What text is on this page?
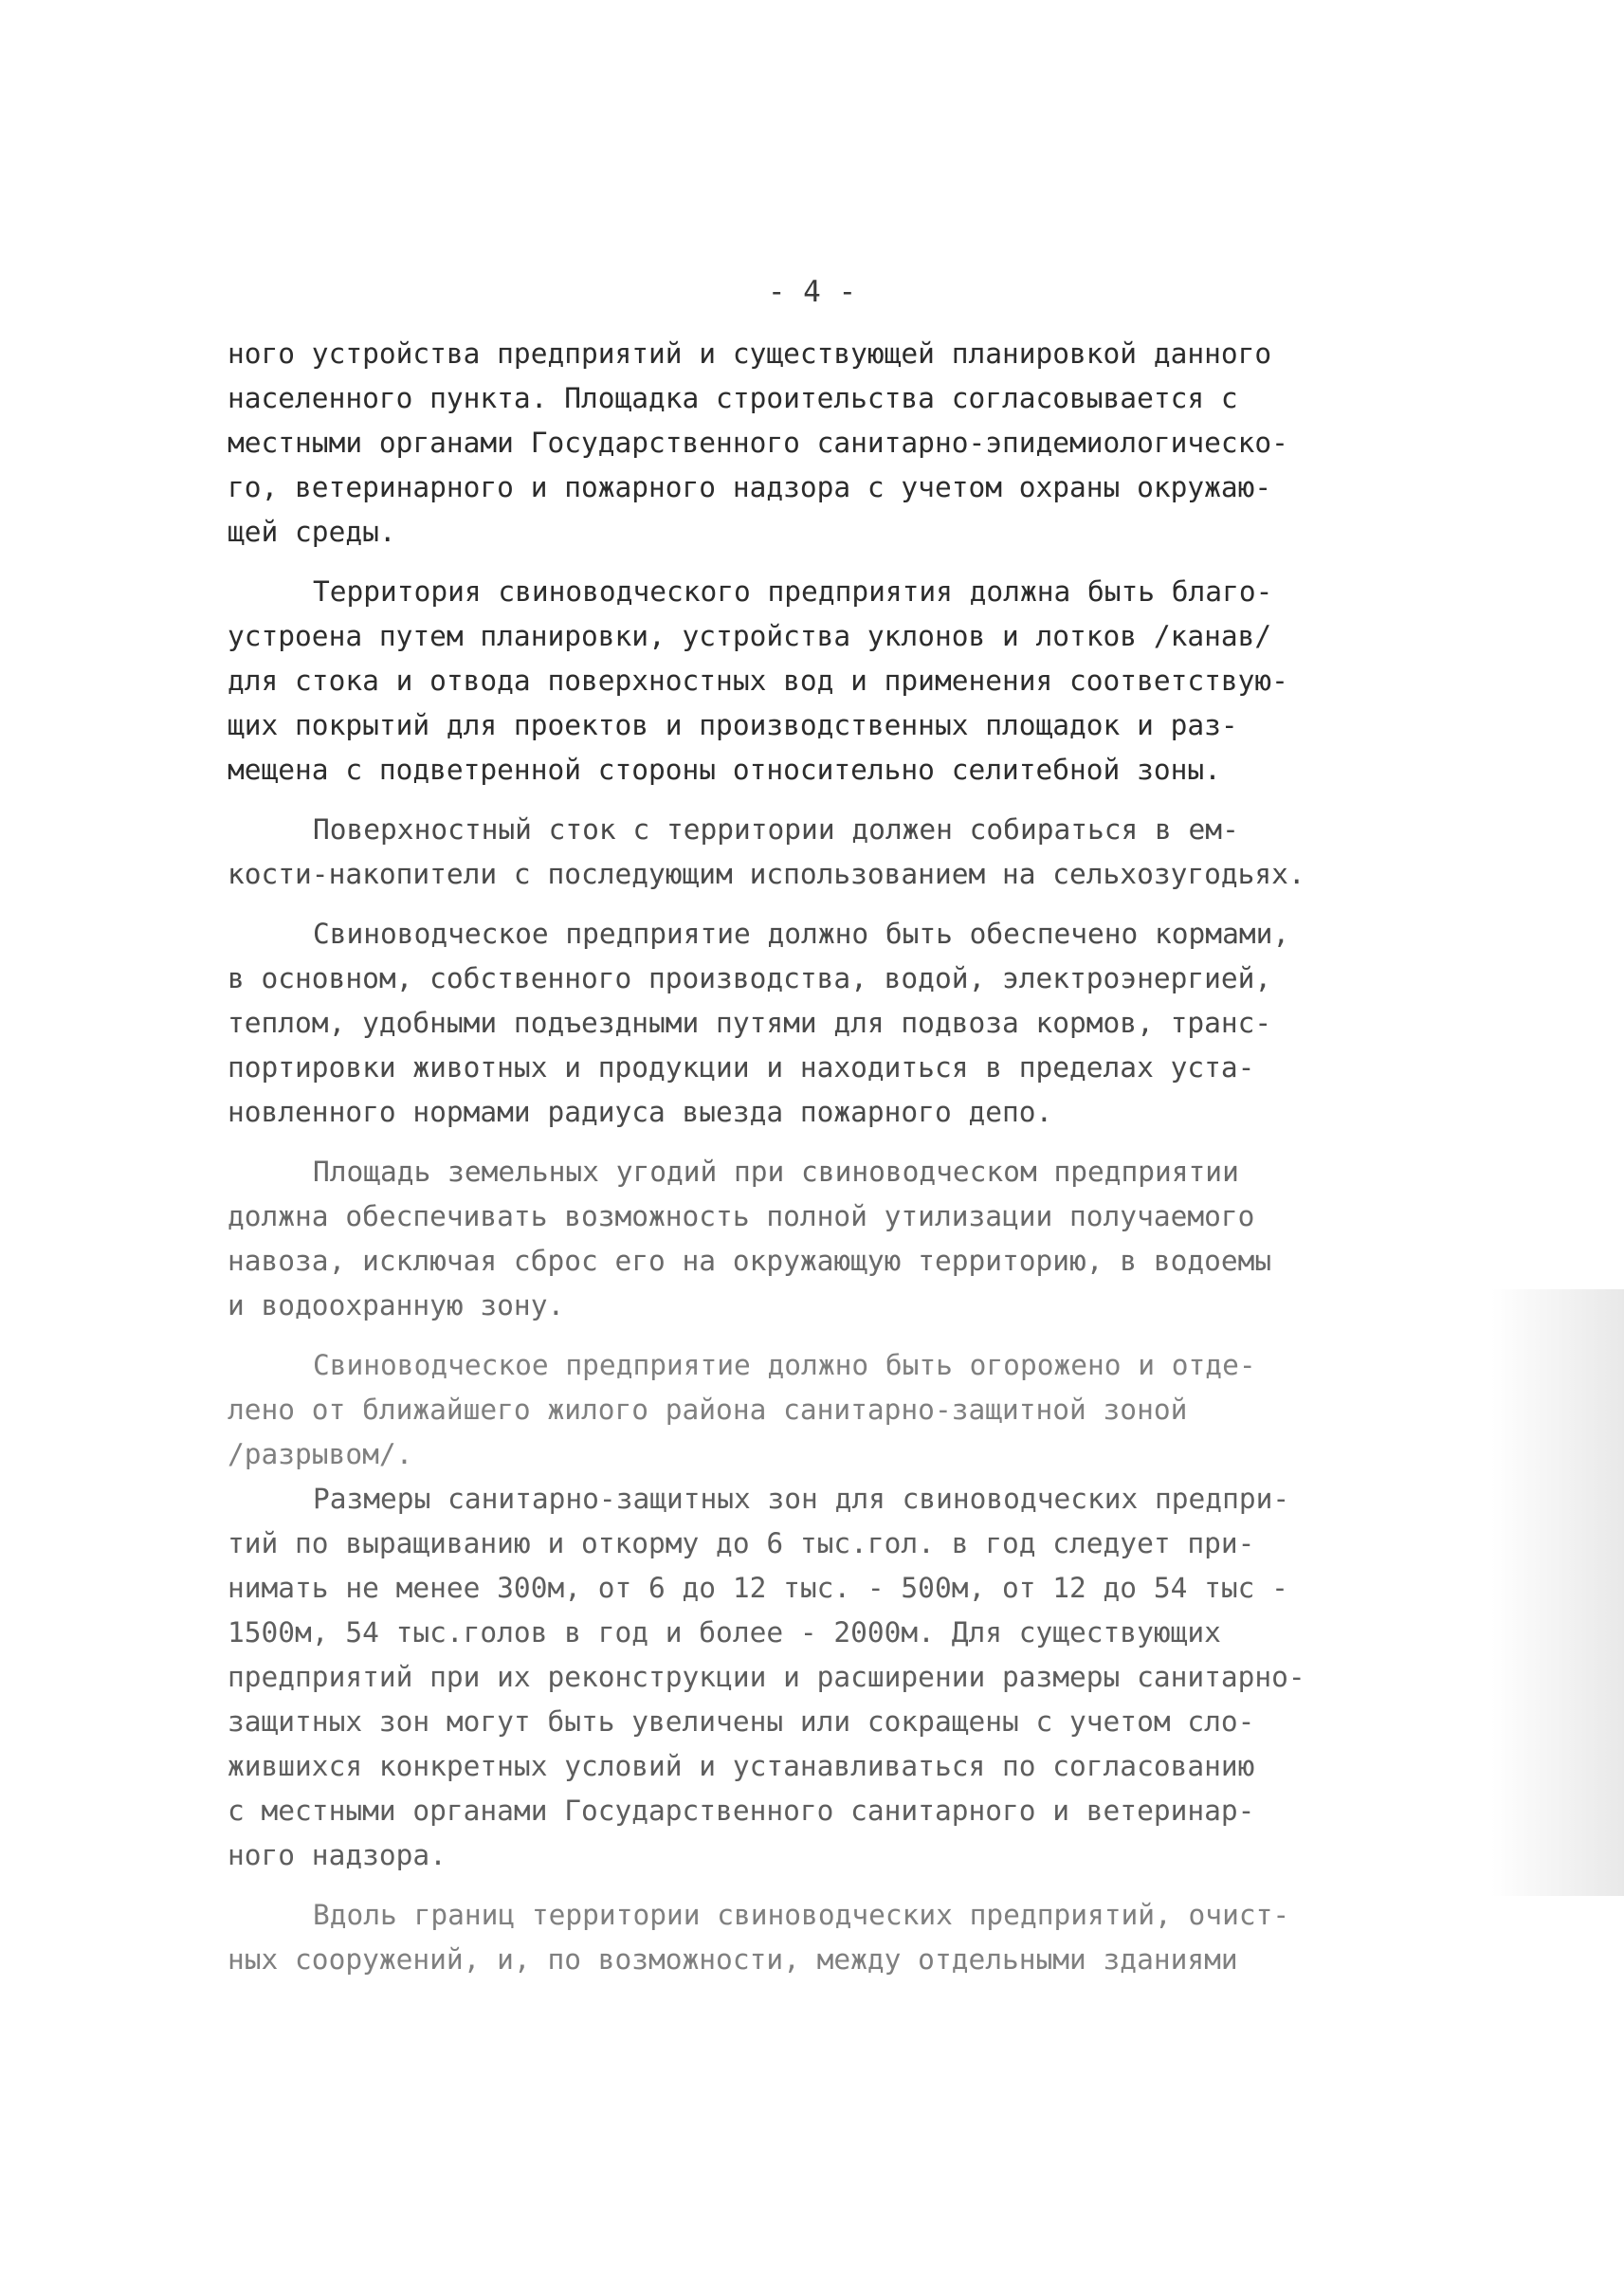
- 4 -
ного устройства предприятий и существующей планировкой данного
населенного пункта. Площадка строительства согласовывается с
местными органами Государственного санитарно-эпидемиологическо-
го, ветеринарного и пожарного надзора с учетом охраны окружаю-
щей среды.
Территория свиноводческого предприятия должна быть благо-
устроена путем планировки, устройства уклонов и лотков /канав/
для стока и отвода поверхностных вод и применения соответствую-
щих покрытий для проектов и производственных площадок и раз-
мещена с подветренной стороны относительно селитебной зоны.
Поверхностный сток с территории должен собираться в ем-
кости-накопители с последующим использованием на сельхозугодьях.
Свиноводческое предприятие должно быть обеспечено кормами,
в основном, собственного производства, водой, электроэнергией,
теплом, удобными подъездными путями для подвоза кормов, транс-
портировки животных и продукции и находиться в пределах уста-
новленного нормами радиуса выезда пожарного депо.
Площадь земельных угодий при свиноводческом предприятии
должна обеспечивать возможность полной утилизации получаемого
навоза, исключая сброс его на окружающую территорию, в водоемы
и водоохранную зону.
Свиноводческое предприятие должно быть огорожено и отде-
лено от ближайшего жилого района санитарно-защитной зоной
/разрывом/.
Размеры санитарно-защитных зон для свиноводческих предпри-
тий по выращиванию и откорму до 6 тыс.гол. в год следует при-
нимать не менее 300м, от 6 до 12 тыс. - 500м, от 12 до 54 тыс -
1500м, 54 тыс.голов в год и более - 2000м. Для существующих
предприятий при их реконструкции и расширении размеры санитарно-
защитных зон могут быть увеличены или сокращены с учетом сло-
жившихся конкретных условий и устанавливаться по согласованию
с местными органами Государственного санитарного и ветеринар-
ного надзора.
Вдоль границ территории свиноводческих предприятий, очист-
ных сооружений, и, по возможности, между отдельными зданиями
